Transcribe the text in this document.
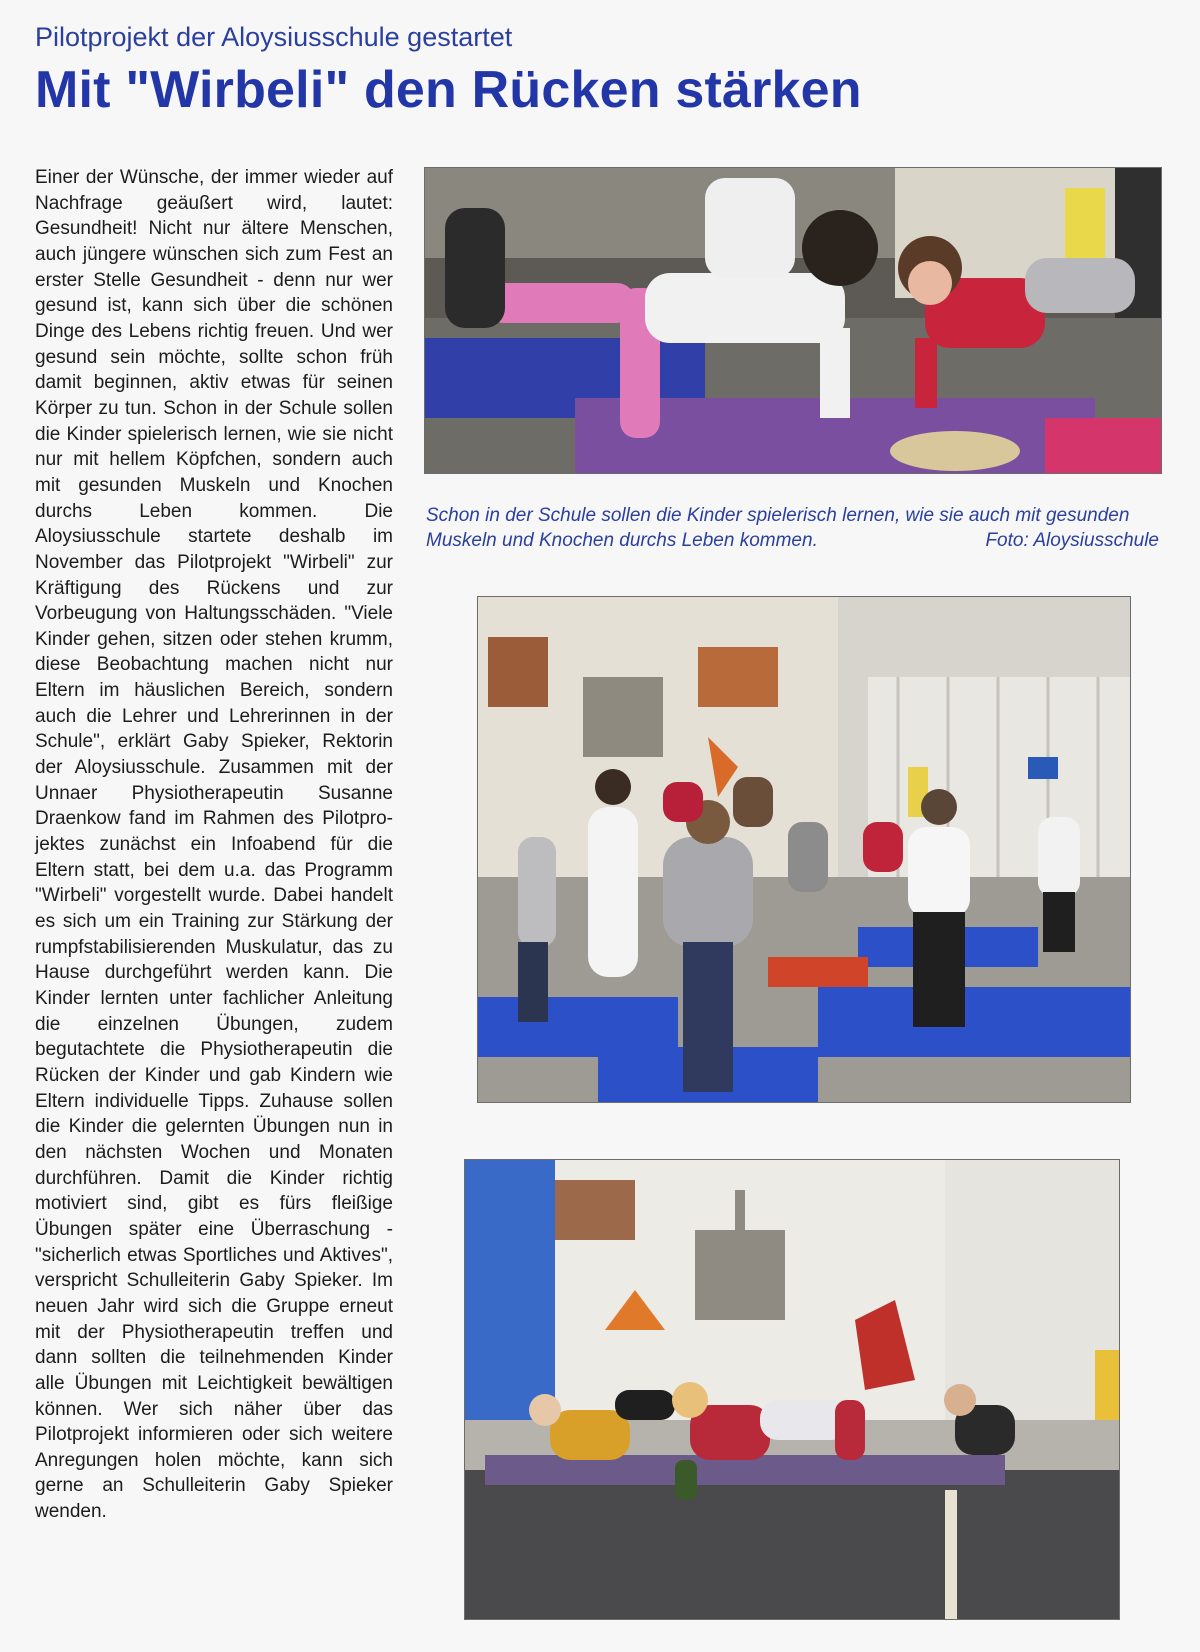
Pilotprojekt der Aloysiusschule gestartet
Mit "Wirbeli" den Rücken stärken
Einer der Wünsche, der immer wieder auf Nachfrage geäußert wird, lautet: Gesundheit! Nicht nur ältere Menschen, auch jüngere wünschen sich zum Fest an erster Stelle Gesundheit - denn nur wer gesund ist, kann sich über die schönen Dinge des Lebens richtig freuen. Und wer gesund sein möchte, sollte schon früh damit beginnen, aktiv etwas für seinen Körper zu tun. Schon in der Schule sollen die Kinder spielerisch lernen, wie sie nicht nur mit hellem Köpfchen, sondern auch mit gesunden Muskeln und Knochen durchs Leben kommen. Die Aloysiusschule startete deshalb im November das Pilotprojekt "Wirbeli" zur Kräftigung des Rückens und zur Vorbeugung von Haltungsschäden. "Viele Kinder gehen, sitzen oder stehen krumm, diese Beobachtung machen nicht nur Eltern im häuslichen Bereich, sondern auch die Lehrer und Lehrerinnen in der Schule", erklärt Gaby Spieker, Rektorin der Aloysiusschule. Zusammen mit der Unnaer Physiotherapeutin Susanne Draenkow fand im Rahmen des Pilotprojektes zunächst ein Infoabend für die Eltern statt, bei dem u.a. das Programm "Wirbeli" vorgestellt wurde. Dabei handelt es sich um ein Training zur Stärkung der rumpfstabilisierenden Muskulatur, das zu Hause durchgeführt werden kann. Die Kinder lernten unter fachlicher Anleitung die einzelnen Übungen, zudem begutachtete die Physiotherapeutin die Rücken der Kinder und gab Kindern wie Eltern individuelle Tipps. Zuhause sollen die Kinder die gelernten Übungen nun in den nächsten Wochen und Monaten durchführen. Damit die Kinder richtig motiviert sind, gibt es fürs fleißige Übungen später eine Überraschung - "sicherlich etwas Sportliches und Aktives", verspricht Schulleiterin Gaby Spieker. Im neuen Jahr wird sich die Gruppe erneut mit der Physiotherapeutin treffen und dann sollten die teilnehmenden Kinder alle Übungen mit Leichtigkeit bewältigen können. Wer sich näher über das Pilotprojekt informieren oder sich weitere Anregungen holen möchte, kann sich gerne an Schulleiterin Gaby Spieker wenden.
Schon in der Schule sollen die Kinder spielerisch lernen, wie sie auch mit gesunden Muskeln und Knochen durchs Leben kommen.	Foto: Aloysiusschule
